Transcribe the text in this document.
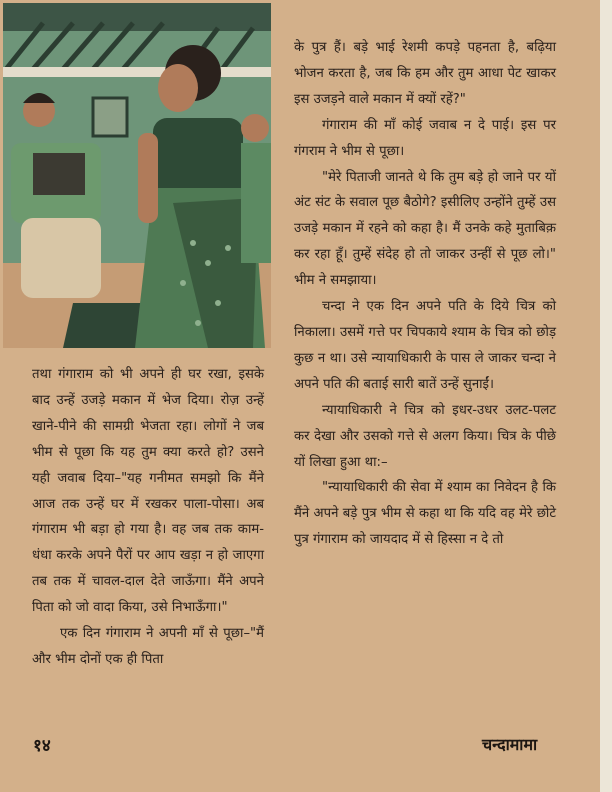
तथा गंगाराम को भी अपने ही घर रखा, इसके बाद उन्हें उजड़े मकान में भेज दिया। रोज़ उन्हें खाने-पीने की सामग्री भेजता रहा। लोगों ने जब भीम से पूछा कि यह तुम क्या करते हो? उसने यही जवाब दिया–"यह गनीमत समझो कि मैंने आज तक उन्हें घर में रखकर पाला-पोसा। अब गंगाराम भी बड़ा हो गया है। वह जब तक काम-धंधा करके अपने पैरों पर आप खड़ा न हो जाएगा तब तक में चावल-दाल देते जाऊँगा। मैंने अपने पिता को जो वादा किया, उसे निभाऊँगा।"

एक दिन गंगाराम ने अपनी माँ से पूछा–"मैं और भीम दोनों एक ही पिता

के पुत्र हैं। बड़े भाई रेशमी कपड़े पहनता है, बढ़िया भोजन करता है, जब कि हम और तुम आधा पेट खाकर इस उजड़ने वाले मकान में क्यों रहें?"

गंगाराम की माँ कोई जवाब न दे पाई। इस पर गंगराम ने भीम से पूछा।

"मेरे पिताजी जानते थे कि तुम बड़े हो जाने पर यों अंट संट के सवाल पूछ बैठोगे? इसीलिए उन्होंने तुम्हें उस उजड़े मकान में रहने को कहा है। मैं उनके कहे मुताबिक़ कर रहा हूँ। तुम्हें संदेह हो तो जाकर उन्हीं से पूछ लो।" भीम ने समझाया।

चन्दा ने एक दिन अपने पति के दिये चित्र को निकाला। उसमें गत्ते पर चिपकाये श्याम के चित्र को छोड़ कुछ न था। उसे न्यायाधिकारी के पास ले जाकर चन्दा ने अपने पति की बताई सारी बातें उन्हें सुनाईं।

न्यायाधिकारी ने चित्र को इधर-उधर उलट-पलट कर देखा और उसको गत्ते से अलग किया। चित्र के पीछे यों लिखा हुआ था:–

"न्यायाधिकारी की सेवा में श्याम का निवेदन है कि मैंने अपने बड़े पुत्र भीम से कहा था कि यदि वह मेरे छोटे पुत्र गंगाराम को जायदाद में से हिस्सा न दे तो

१४	चन्दामामा
